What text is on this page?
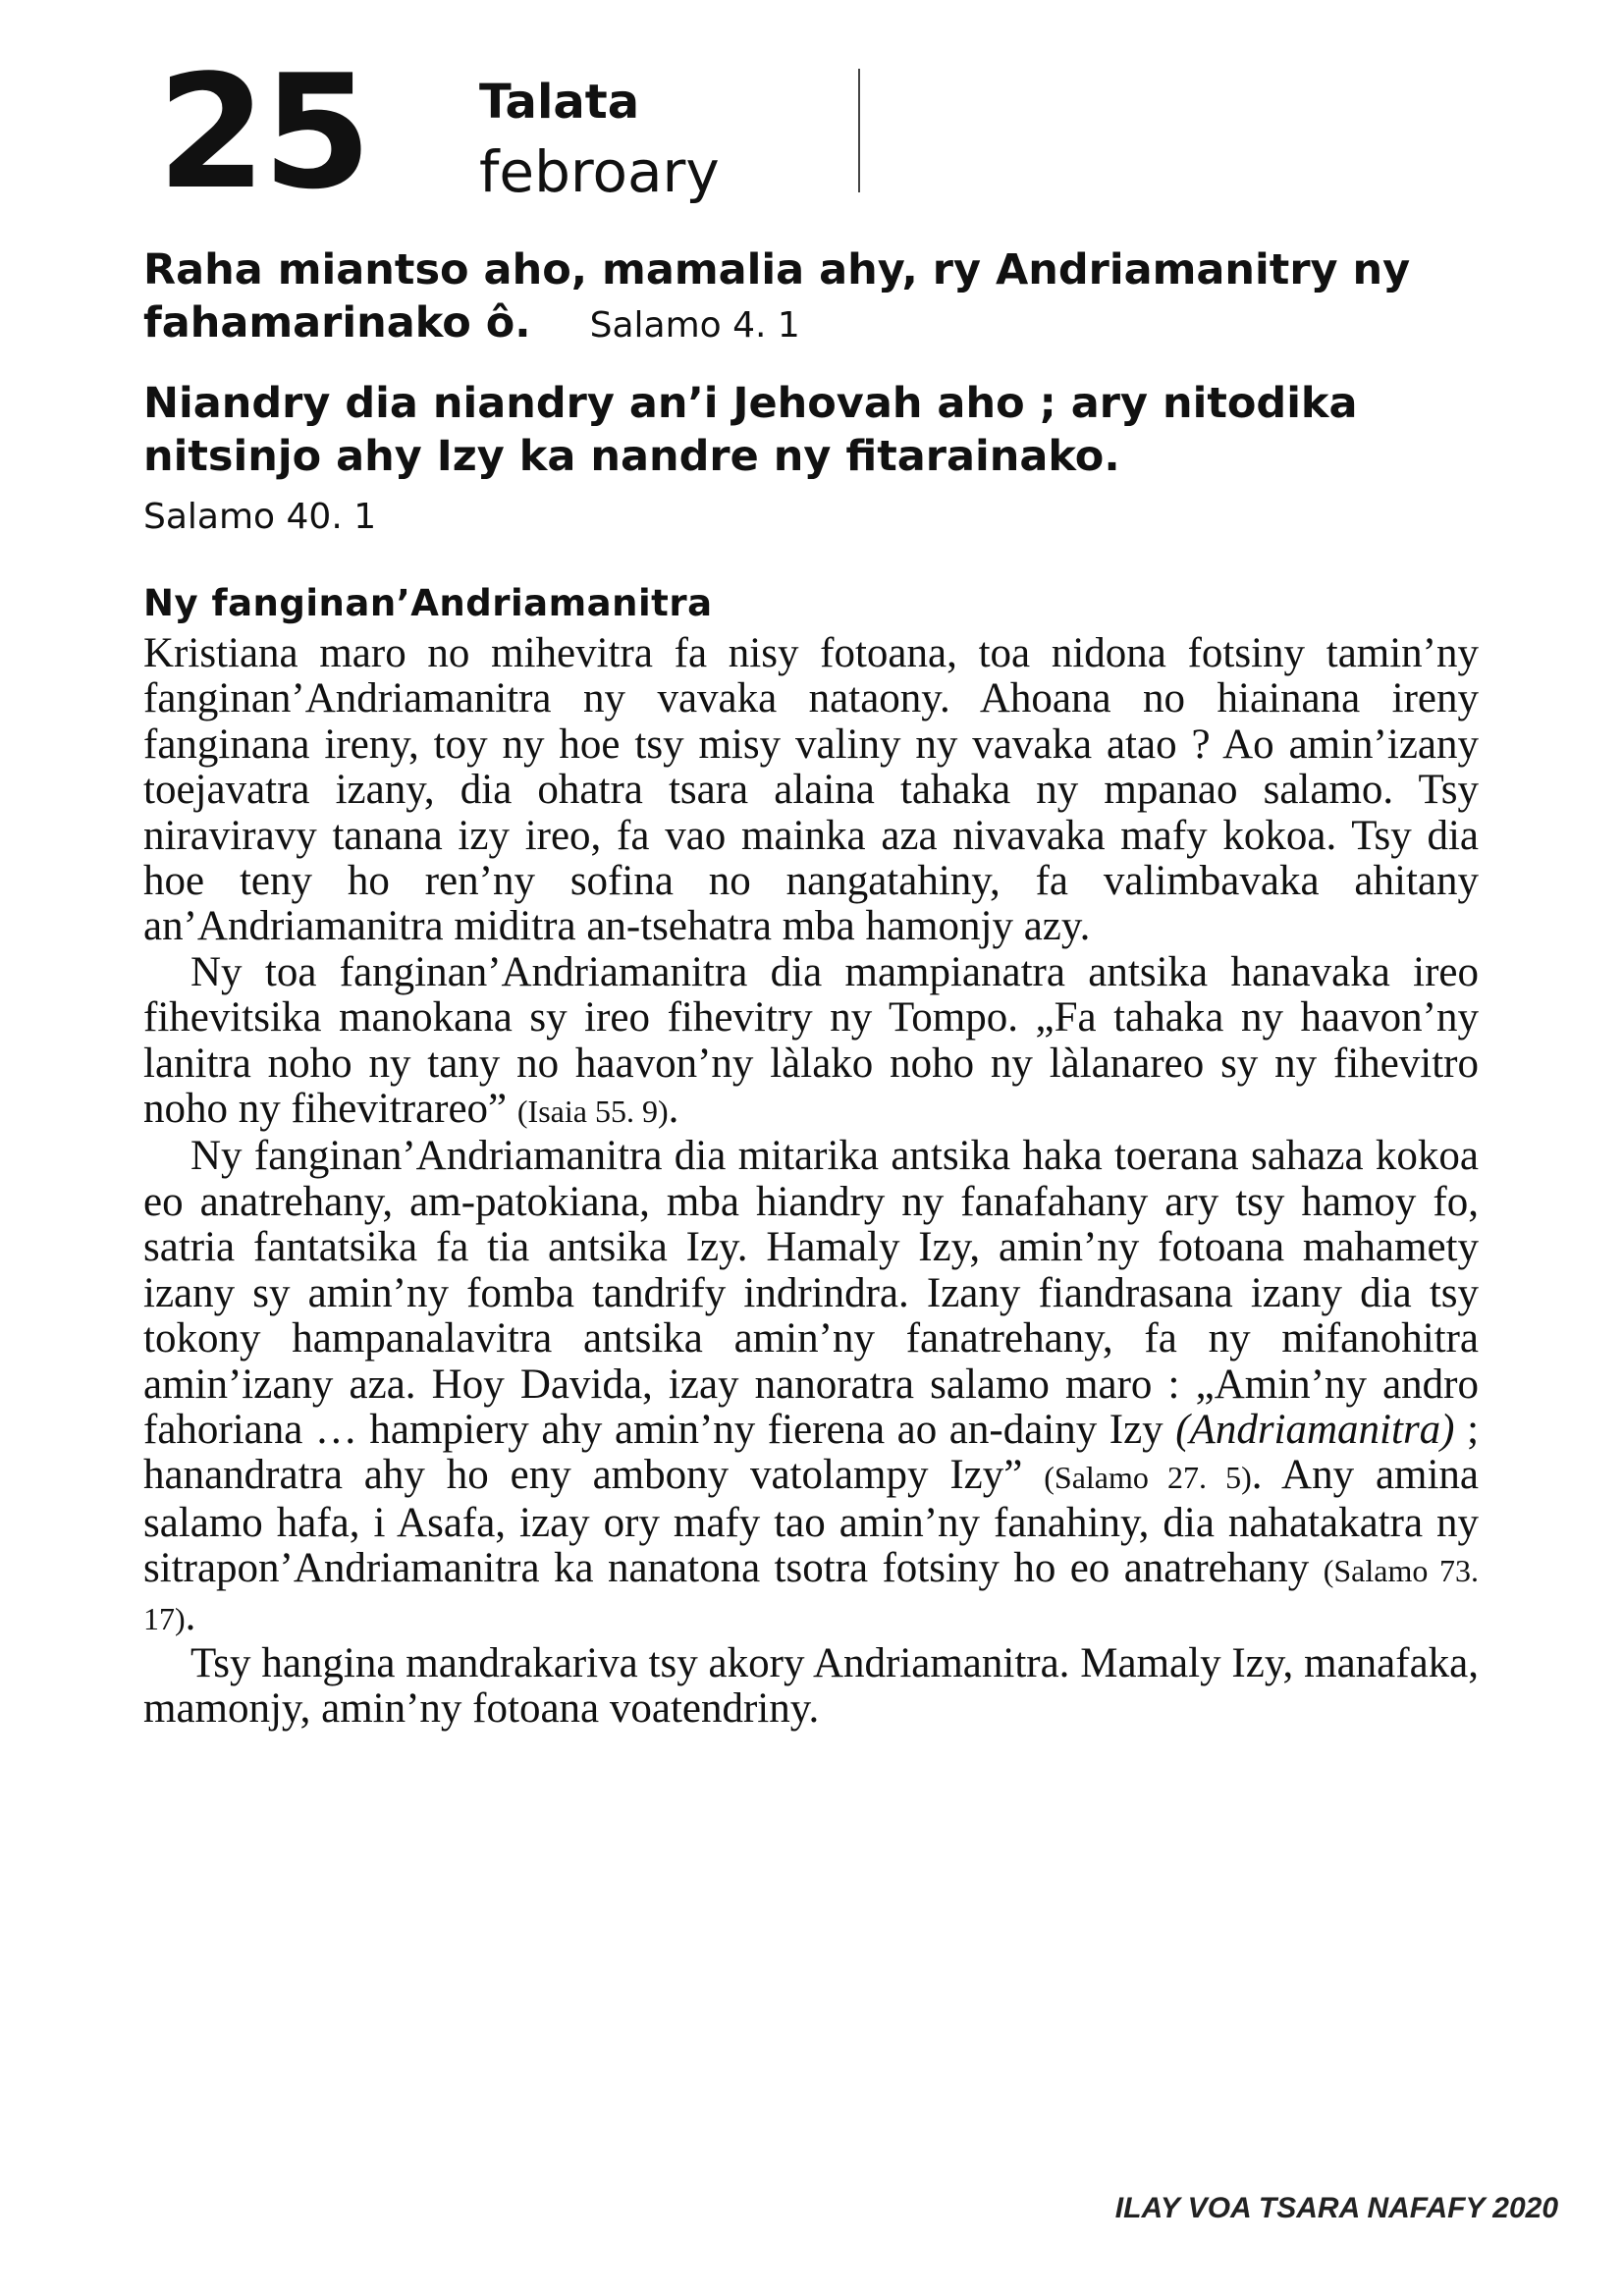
25 Talata
febroary
Raha miantso aho, mamalia ahy, ry Andriamanitry ny fahamarinako ô. Salamo 4. 1
Niandry dia niandry an’i Jehovah aho ; ary nitodika nitsinjo ahy Izy ka nandre ny fitarainako.
Salamo 40. 1
Ny fanginan’Andriamanitra

Kristiana maro no mihevitra fa nisy fotoana, toa nidona fotsiny tamin’ny fanginan’Andriamanitra ny vavaka nataony. Ahoana no hiainana ireny fanginana ireny, toy ny hoe tsy misy valiny ny vavaka atao ? Ao amin’izany toejavatra izany, dia ohatra tsara alaina tahaka ny mpanao salamo. Tsy niraviravy tanana izy ireo, fa vao mainka aza nivavaka mafy kokoa. Tsy dia hoe teny ho ren’ny sofina no nangatahiny, fa valimbavaka ahitany an’Andriamanitra miditra an-tsehatra mba hamonjy azy.

Ny toa fanginan’Andriamanitra dia mampianatra antsika hanavaka ireo fihevitsika manokana sy ireo fihevitry ny Tompo. „Fa tahaka ny haavon’ny lanitra noho ny tany no haavon’ny làlako noho ny làlanareo sy ny fihevitro noho ny fihevitrareo” (Isaia 55. 9).

Ny fanginan’Andriamanitra dia mitarika antsika haka toerana sahaza kokoa eo anatrehany, am-patokiana, mba hiandry ny fanafahany ary tsy hamoy fo, satria fantatsika fa tia antsika Izy. Hamaly Izy, amin’ny fotoana mahamety izany sy amin’ny fomba tandrify indrindra. Izany fiandrasana izany dia tsy tokony hampanalavitra antsika amin’ny fanatrehany, fa ny mifanohitra amin’izany aza. Hoy Davida, izay nanoratra salamo maro : „Amin’ny andro fahoriana … hampiery ahy amin’ny fierena ao an-dainy Izy (Andriamanitra) ; hanandratra ahy ho eny ambony vatolampy Izy” (Salamo 27. 5). Any amina salamo hafa, i Asafa, izay ory mafy tao amin’ny fanahiny, dia nahatakatra ny sitrapon’Andriamanitra ka nanatona tsotra fotsiny ho eo anatrehany (Salamo 73. 17).

Tsy hangina mandrakariva tsy akory Andriamanitra. Mamaly Izy, manafaka, mamonjy, amin’ny fotoana voatendriny.

ILAY VOA TSARA NAFAFY 2020
